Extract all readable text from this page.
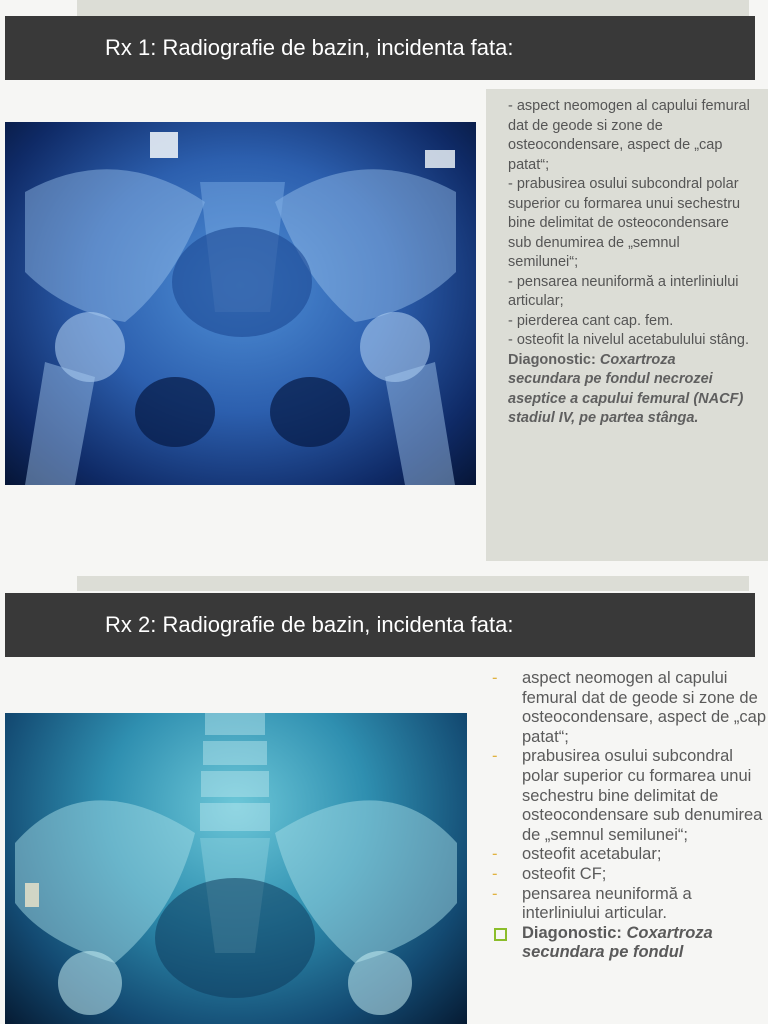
Rx 1: Radiografie de bazin, incidenta fata:

- aspect neomogen al capului femural dat de geode si zone de osteocondensare, aspect de „cap patat“;

- prabusirea osului subcondral polar superior cu formarea unui sechestru bine delimitat de osteocondensare sub denumirea de „semnul semilunei“;

- pensarea neuniformă a interliniului articular;

- pierderea cant cap. fem.

- osteofit la nivelul acetabulului stâng.

Diagonostic: Coxartroza secundara pe fondul necrozei aseptice a capului femural (NACF) stadiul IV, pe partea stânga.

Rx 2: Radiografie de bazin, incidenta fata:
- aspect neomogen al capului femural dat de geode si zone de osteocondensare, aspect de „cap patat“;
- prabusirea osului subcondral polar superior cu formarea unui sechestru bine delimitat de osteocondensare sub denumirea de „semnul semilunei“;
- osteofit acetabular;
- osteofit CF;
- pensarea neuniformă a interliniului articular.
Diagonostic: Coxartroza secundara pe fondul
